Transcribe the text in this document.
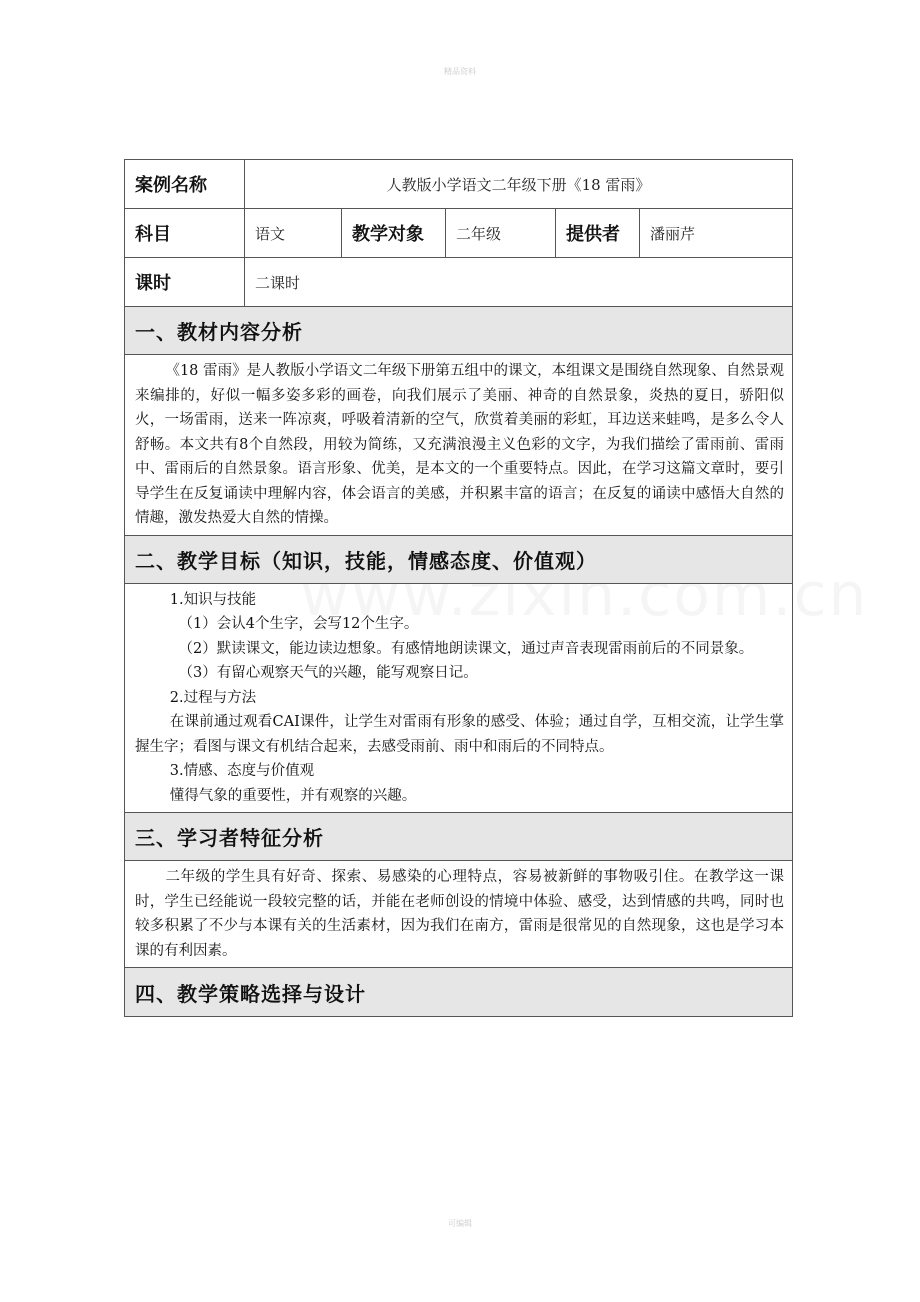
精品资料
案例名称	人教版小学语文二年级下册《18 雷雨》
科目	语文	教学对象	二年级	提供者	潘丽芹
课时	二课时
一、教材内容分析

《18 雷雨》是人教版小学语文二年级下册第五组中的课文，本组课文是围绕自然现象、自然景观来编排的，好似一幅多姿多彩的画卷，向我们展示了美丽、神奇的自然景象，炎热的夏日，骄阳似火，一场雷雨，送来一阵凉爽，呼吸着清新的空气，欣赏着美丽的彩虹，耳边送来蛙鸣，是多么令人舒畅。本文共有8个自然段，用较为简练，又充满浪漫主义色彩的文字，为我们描绘了雷雨前、雷雨中、雷雨后的自然景象。语言形象、优美，是本文的一个重要特点。因此，在学习这篇文章时，要引导学生在反复诵读中理解内容，体会语言的美感，并积累丰富的语言；在反复的诵读中感悟大自然的情趣，激发热爱大自然的情操。

二、教学目标（知识，技能，情感态度、价值观）

1.知识与技能

（1）会认4个生字，会写12个生字。

（2）默读课文，能边读边想象。有感情地朗读课文，通过声音表现雷雨前后的不同景象。

（3）有留心观察天气的兴趣，能写观察日记。

2.过程与方法

在课前通过观看CAI课件，让学生对雷雨有形象的感受、体验；通过自学，互相交流，让学生掌握生字；看图与课文有机结合起来，去感受雨前、雨中和雨后的不同特点。

3.情感、态度与价值观

懂得气象的重要性，并有观察的兴趣。

三、学习者特征分析

二年级的学生具有好奇、探索、易感染的心理特点，容易被新鲜的事物吸引住。在教学这一课时，学生已经能说一段较完整的话，并能在老师创设的情境中体验、感受，达到情感的共鸣，同时也较多积累了不少与本课有关的生活素材，因为我们在南方，雷雨是很常见的自然现象，这也是学习本课的有利因素。

四、教学策略选择与设计
可编辑
